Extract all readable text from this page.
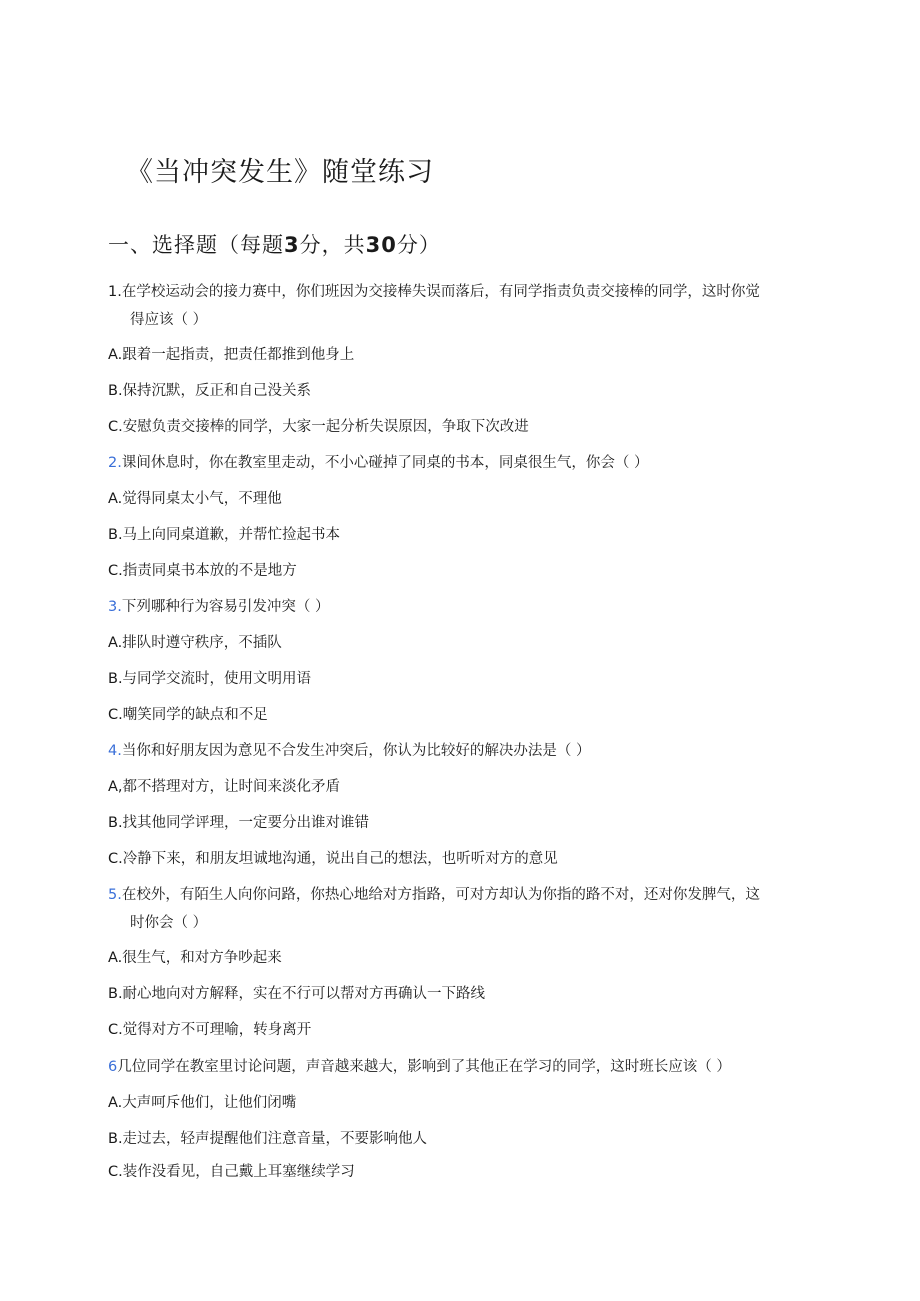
《当冲突发生》随堂练习
一、选择题（每题3分，共30分）
1.在学校运动会的接力赛中，你们班因为交接棒失误而落后，有同学指责负责交接棒的同学，这时你觉
得应该（ ）
A.跟着一起指责，把责任都推到他身上
B.保持沉默，反正和自己没关系
C.安慰负责交接棒的同学，大家一起分析失误原因，争取下次改进
2.课间休息时，你在教室里走动，不小心碰掉了同桌的书本，同桌很生气，你会（ ）
A.觉得同桌太小气，不理他
B.马上向同桌道歉，并帮忙捡起书本
C.指责同桌书本放的不是地方
3.下列哪种行为容易引发冲突（ ）
A.排队时遵守秩序，不插队
B.与同学交流时，使用文明用语
C.嘲笑同学的缺点和不足
4.当你和好朋友因为意见不合发生冲突后，你认为比较好的解决办法是（ ）
A,都不搭理对方，让时间来淡化矛盾
B.找其他同学评理，一定要分出谁对谁错
C.冷静下来，和朋友坦诚地沟通，说出自己的想法，也听听对方的意见
5.在校外，有陌生人向你问路，你热心地给对方指路，可对方却认为你指的路不对，还对你发脾气，这
时你会（ ）
A.很生气，和对方争吵起来
B.耐心地向对方解释，实在不行可以帮对方再确认一下路线
C.觉得对方不可理喻，转身离开
6几位同学在教室里讨论问题，声音越来越大，影响到了其他正在学习的同学，这时班长应该（ ）
A.大声呵斥他们，让他们闭嘴
B.走过去，轻声提醒他们注意音量，不要影响他人
C.装作没看见，自己戴上耳塞继续学习
